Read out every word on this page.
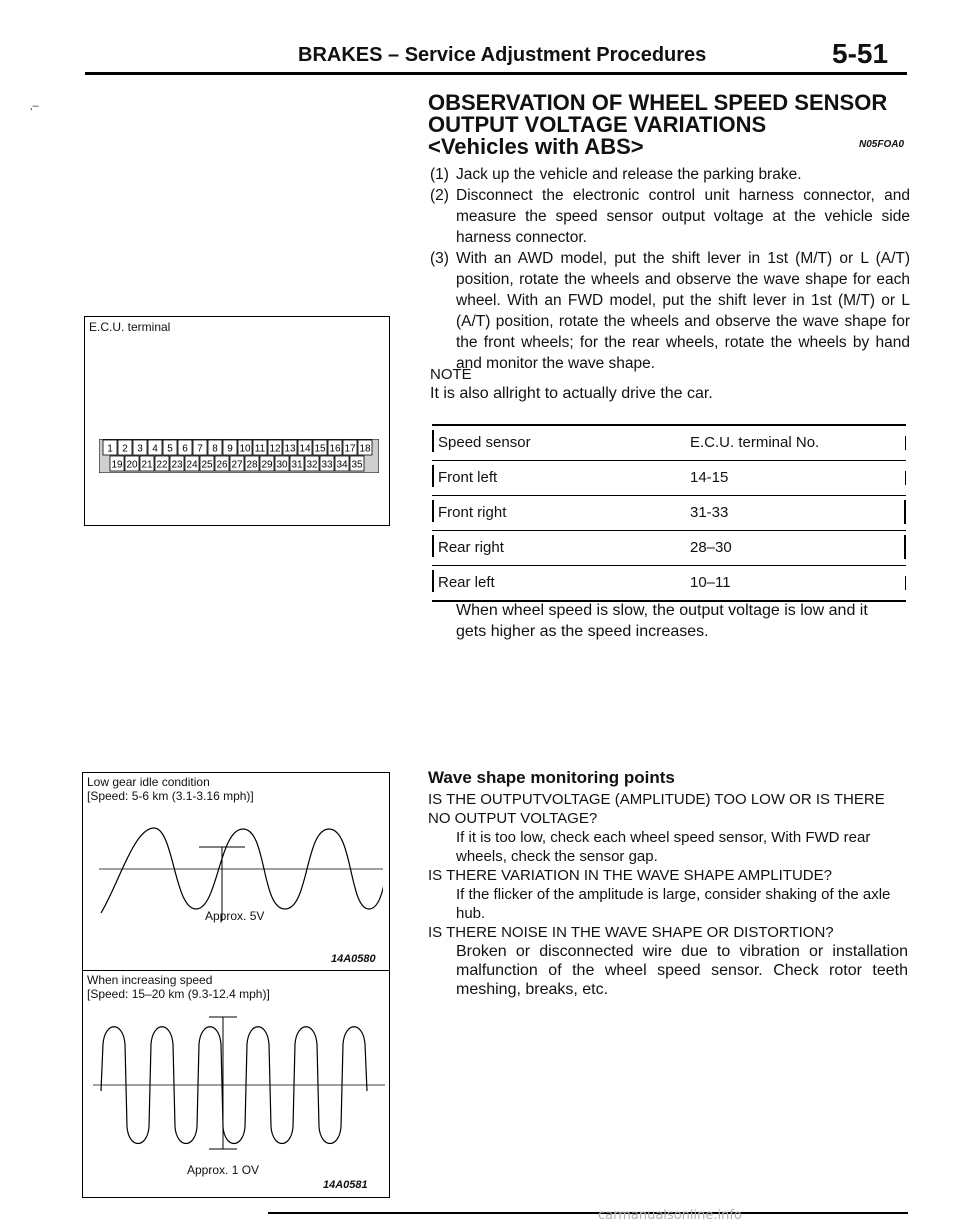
BRAKES – Service Adjustment Procedures	5-51
‚–	OBSERVATION OF WHEEL SPEED SENSOR
OUTPUT VOLTAGE VARIATIONS
<Vehicles with ABS>	N05FOA0
(1) Jack up the vehicle and release the parking brake.
(2) Disconnect the electronic control unit harness connector, and measure the speed sensor output voltage at the vehicle side harness connector.
(3) With an AWD model, put the shift lever in 1st (M/T) or L (A/T) position, rotate the wheels and observe the wave shape for each wheel. With an FWD model, put the shift lever in 1st (M/T) or L (A/T) position, rotate the wheels and observe the wave shape for the front wheels; for the rear wheels, rotate the wheels by hand and monitor the wave shape.
NOTE
It is also allright to actually drive the car.
Speed sensor	E.C.U. terminal No.
Front left	14-15
Front right	31-33
Rear right	28–30
Rear left	10–11
When wheel speed is slow, the output voltage is low and it gets higher as the speed increases.
E.C.U. terminal
1 2 3 4 5 6 7 8 9 10 11 12 13 14 15 16 17 18
19 20 21 22 23 24 25 26 27 28 29 30 31 32 33 34 35
Low gear idle condition
[Speed: 5-6 km (3.1-3.16 mph)]
Approx. 5V
14A0580
When increasing speed
[Speed: 15–20 km (9.3-12.4 mph)]
Approx. 1 OV
14A0581
Wave shape monitoring points
IS THE OUTPUTVOLTAGE (AMPLITUDE) TOO LOW OR IS THERE NO OUTPUT VOLTAGE?
If it is too low, check each wheel speed sensor, With FWD rear wheels, check the sensor gap.
IS THERE VARIATION IN THE WAVE SHAPE AMPLITUDE?
If the flicker of the amplitude is large, consider shaking of the axle hub.
IS THERE NOISE IN THE WAVE SHAPE OR DISTORTION?
Broken or disconnected wire due to vibration or installation malfunction of the wheel speed sensor. Check rotor teeth meshing, breaks, etc.
carmanualsonline.info
